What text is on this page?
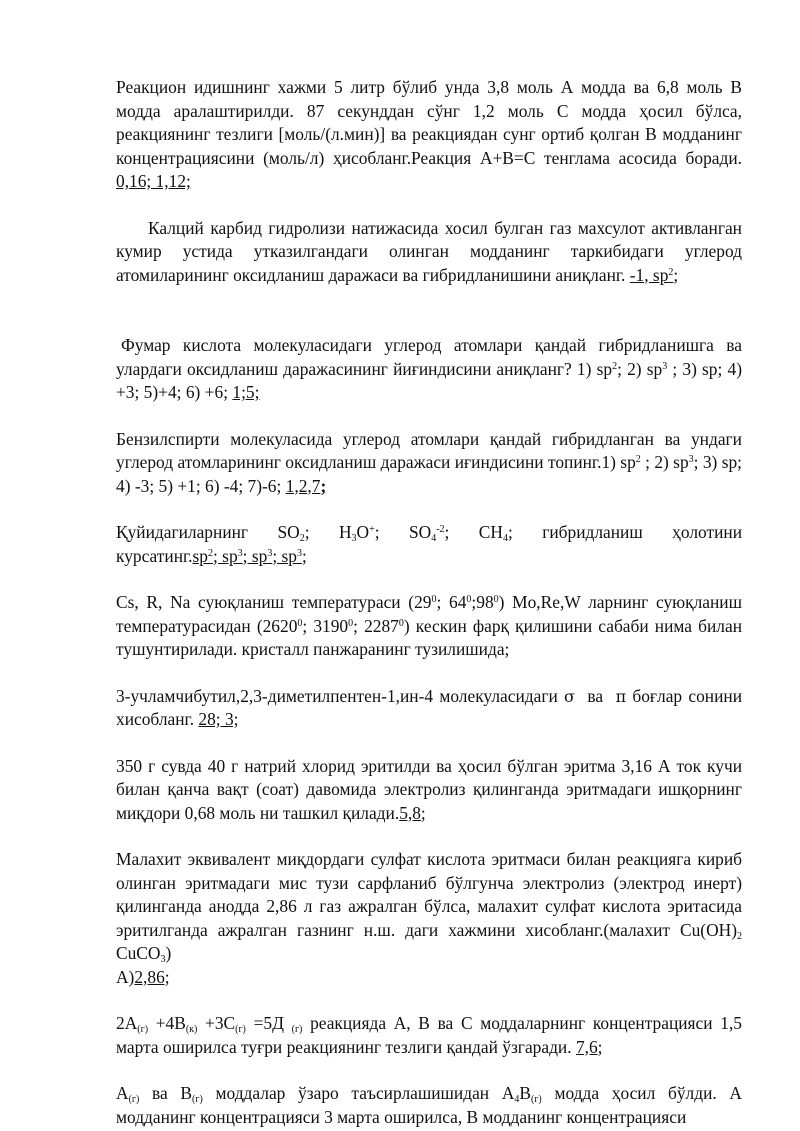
Реакцион идишнинг хажми 5 литр бўлиб унда 3,8 моль А модда ва 6,8 моль В модда аралаштирилди. 87 секунддан сўнг 1,2 моль С модда ҳосил бўлса, реакциянинг тезлиги [моль/(л.мин)] ва реакциядан сунг ортиб қолган В модданинг концентрациясини (моль/л) ҳисобланг.Реакция А+В=С тенглама асосида боради. 0,16; 1,12;

Калций карбид гидролизи натижасида хосил булган газ махсулот активланган кумир устида утказилгандаги олинган модданинг таркибидаги углерод атомиларининг оксидланиш даражаси ва гибридланишини аниқланг. -1, $sp^2$;

Фумар кислота молекуласидаги углерод атомлари қандай гибридланишга ва улардаги оксидланиш даражасининг йиғиндисини аниқланг? 1) $sp^2$; 2) $sp^3$ ; 3) sp; 4) +3; 5)+4; 6) +6; 1;5;

Бензилспирти молекуласида углерод атомлари қандай гибридланган ва ундаги углерод атомларининг оксидланиш даражаси иғиндисини топинг.1) $sp^2$ ; 2) $sp^3$; 3) sp; 4) -3; 5) +1; 6) -4; 7)-6; 1,2,7;

Қуйидагиларнинг $SO_2$; $H_3O^+$; $SO_4^{-2}$; $CH_4$; гибридланиш ҳолотини
$курсатинг.sp^2$; $sp^3$; $sp^3$; $sp^3$;

Cs, R, Na суюқланиш температураси ($29^0$; $64^0;98^0$) Mo,Re,W ларнинг суюқланиш температурасидан (2620$^0$; 3190$^0$; 2287$^0$) кескин фарқ қилишини сабаби нима билан тушунтирилади. кристалл панжаранинг тузилишида;

3-учламчибутил,2,3-диметилпентен-1,ин-4 молекуласидаги σ  ва  π боғлар сонини хисобланг. 28; 3;

350 г сувда 40 г натрий хлорид эритилди ва ҳосил бўлган эритма 3,16 А ток кучи билан қанча вақт (соат) давомида электролиз қилинганда эритмадаги ишқорнинг миқдори 0,68 моль ни ташкил қилади.5,8;

Малахит эквивалент миқдордаги сулфат кислота эритмаси билан реакцияга кириб олинган эритмадаги мис тузи сарфланиб бўлгунча электролиз (электрод инерт) қилинганда анодда 2,86 л газ ажралган бўлса, малахит сулфат кислота эритасида эритилганда ажралган газнинг н.ш. даги хажмини хисобланг.(малахит $Cu(OH)_2$ CuCO$_3$)
А)2,86;

$2А_{(г)} +4В_{(к)} +3С_{(г)} =5Д$ $_{(г)}$ реакцияда А, В ва С моддаларнинг концентрацияси 1,5 марта оширилса туғри реакциянинг тезлиги қандай ўзгаради. 7,6;

$А_{(г)}$ ва $В_{(г)}$ моддалар ўзаро таъсирлашишидан $А_4В_{(г)}$ модда ҳосил бўлди. А модданинг концентрацияси 3 марта оширилса, В модданинг концентрацияси
